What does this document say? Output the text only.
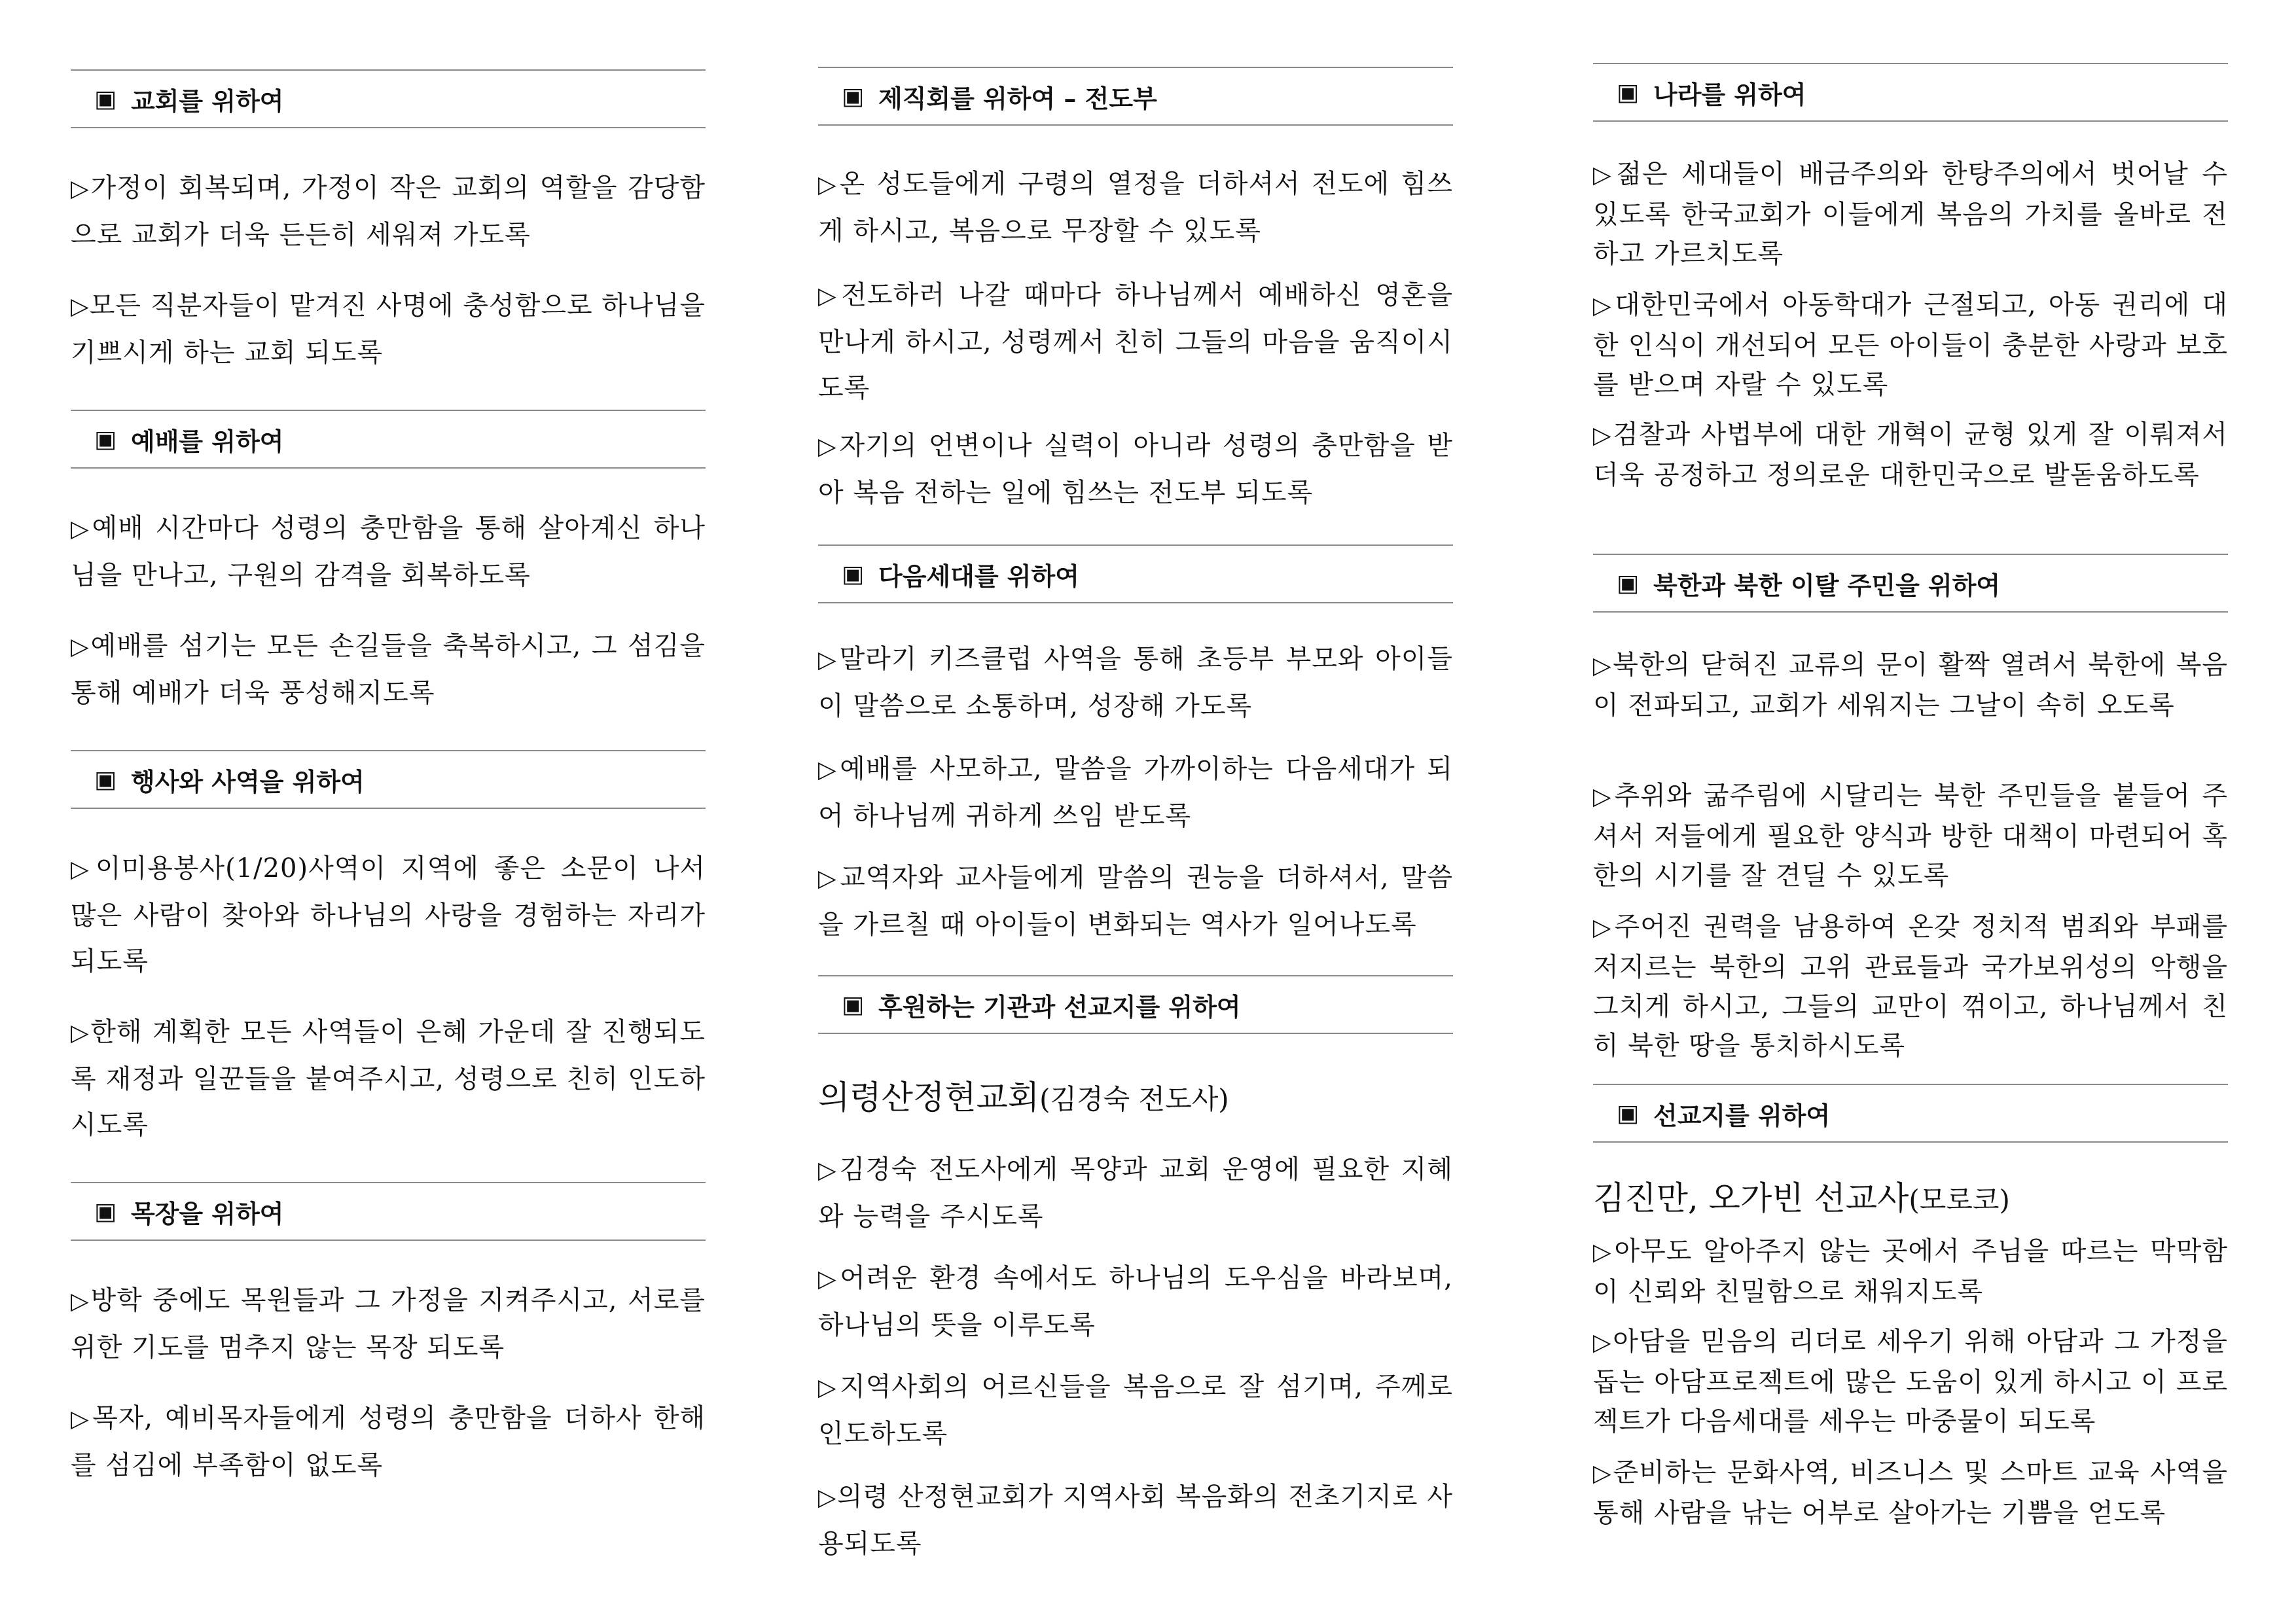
▣ 교회를 위하여
▷가정이 회복되며, 가정이 작은 교회의 역할을 감당함으로 교회가 더욱 든든히 세워져 가도록
▷모든 직분자들이 맡겨진 사명에 충성함으로 하나님을 기쁘시게 하는 교회 되도록
▣ 예배를 위하여
▷예배 시간마다 성령의 충만함을 통해 살아계신 하나님을 만나고, 구원의 감격을 회복하도록
▷예배를 섬기는 모든 손길들을 축복하시고, 그 섬김을 통해 예배가 더욱 풍성해지도록
▣ 행사와 사역을 위하여
▷이미용봉사(1/20)사역이 지역에 좋은 소문이 나서 많은 사람이 찾아와 하나님의 사랑을 경험하는 자리가 되도록
▷한해 계획한 모든 사역들이 은혜 가운데 잘 진행되도록 재정과 일꾼들을 붙여주시고, 성령으로 친히 인도하시도록
▣ 목장을 위하여
▷방학 중에도 목원들과 그 가정을 지켜주시고, 서로를 위한 기도를 멈추지 않는 목장 되도록
▷목자, 예비목자들에게 성령의 충만함을 더하사 한해를 섬김에 부족함이 없도록
▣ 제직회를 위하여 – 전도부
▷온 성도들에게 구령의 열정을 더하셔서 전도에 힘쓰게 하시고, 복음으로 무장할 수 있도록
▷전도하러 나갈 때마다 하나님께서 예배하신 영혼을 만나게 하시고, 성령께서 친히 그들의 마음을 움직이시도록
▷자기의 언변이나 실력이 아니라 성령의 충만함을 받아 복음 전하는 일에 힘쓰는 전도부 되도록
▣ 다음세대를 위하여
▷말라기 키즈클럽 사역을 통해 초등부 부모와 아이들이 말씀으로 소통하며, 성장해 가도록
▷예배를 사모하고, 말씀을 가까이하는 다음세대가 되어 하나님께 귀하게 쓰임 받도록
▷교역자와 교사들에게 말씀의 권능을 더하셔서, 말씀을 가르칠 때 아이들이 변화되는 역사가 일어나도록
▣ 후원하는 기관과 선교지를 위하여
의령산정현교회(김경숙 전도사)
▷김경숙 전도사에게 목양과 교회 운영에 필요한 지혜와 능력을 주시도록
▷어려운 환경 속에서도 하나님의 도우심을 바라보며, 하나님의 뜻을 이루도록
▷지역사회의 어르신들을 복음으로 잘 섬기며, 주께로 인도하도록
▷의령 산정현교회가 지역사회 복음화의 전초기지로 사용되도록
▣ 나라를 위하여
▷젊은 세대들이 배금주의와 한탕주의에서 벗어날 수 있도록 한국교회가 이들에게 복음의 가치를 올바로 전하고 가르치도록
▷대한민국에서 아동학대가 근절되고, 아동 권리에 대한 인식이 개선되어 모든 아이들이 충분한 사랑과 보호를 받으며 자랄 수 있도록
▷검찰과 사법부에 대한 개혁이 균형 있게 잘 이뤄져서 더욱 공정하고 정의로운 대한민국으로 발돋움하도록
▣ 북한과 북한 이탈 주민을 위하여
▷북한의 닫혀진 교류의 문이 활짝 열려서 북한에 복음이 전파되고, 교회가 세워지는 그날이 속히 오도록
▷추위와 굶주림에 시달리는 북한 주민들을 붙들어 주셔서 저들에게 필요한 양식과 방한 대책이 마련되어 혹한의 시기를 잘 견딜 수 있도록
▷주어진 권력을 남용하여 온갖 정치적 범죄와 부패를 저지르는 북한의 고위 관료들과 국가보위성의 악행을 그치게 하시고, 그들의 교만이 꺾이고, 하나님께서 친히 북한 땅을 통치하시도록
▣ 선교지를 위하여
김진만, 오가빈 선교사(모로코)
▷아무도 알아주지 않는 곳에서 주님을 따르는 막막함이 신뢰와 친밀함으로 채워지도록
▷아담을 믿음의 리더로 세우기 위해 아담과 그 가정을 돕는 아담프로젝트에 많은 도움이 있게 하시고 이 프로젝트가 다음세대를 세우는 마중물이 되도록
▷준비하는 문화사역, 비즈니스 및 스마트 교육 사역을 통해 사람을 낚는 어부로 살아가는 기쁨을 얻도록
